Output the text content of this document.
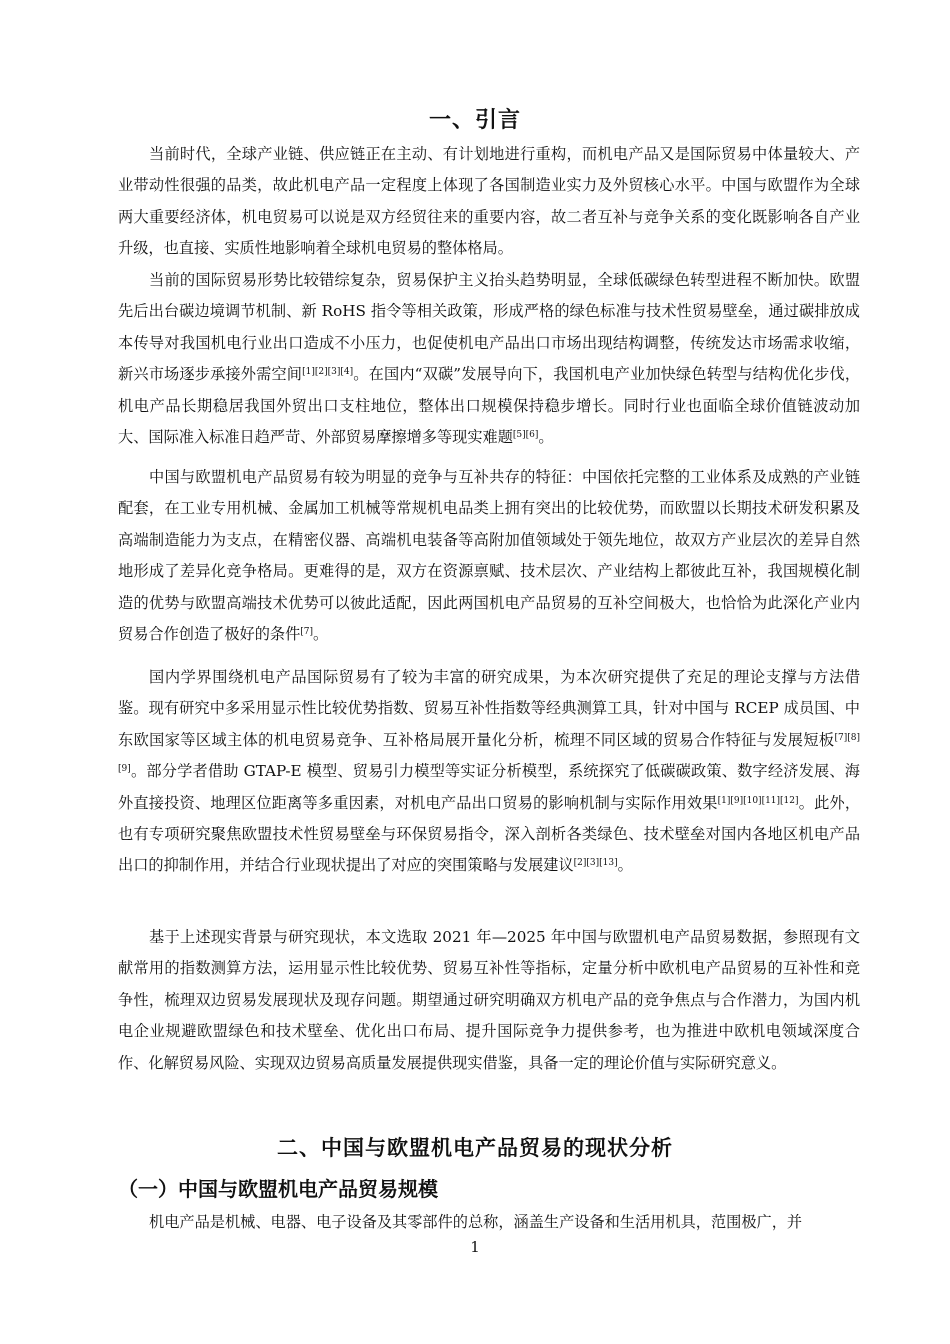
一、引言

当前时代，全球产业链、供应链正在主动、有计划地进行重构，而机电产品又是国际贸易中体量较大、产业带动性很强的品类，故此机电产品一定程度上体现了各国制造业实力及外贸核心水平。中国与欧盟作为全球两大重要经济体，机电贸易可以说是双方经贸往来的重要内容，故二者互补与竞争关系的变化既影响各自产业升级，也直接、实质性地影响着全球机电贸易的整体格局。

当前的国际贸易形势比较错综复杂，贸易保护主义抬头趋势明显，全球低碳绿色转型进程不断加快。欧盟先后出台碳边境调节机制、新 RoHS 指令等相关政策，形成严格的绿色标准与技术性贸易壁垒，通过碳排放成本传导对我国机电行业出口造成不小压力，也促使机电产品出口市场出现结构调整，传统发达市场需求收缩，新兴市场逐步承接外需空间[1][2][3][4]。在国内“双碳”发展导向下，我国机电产业加快绿色转型与结构优化步伐，机电产品长期稳居我国外贸出口支柱地位，整体出口规模保持稳步增长。同时行业也面临全球价值链波动加大、国际准入标准日趋严苛、外部贸易摩擦增多等现实难题[5][6]。

中国与欧盟机电产品贸易有较为明显的竞争与互补共存的特征：中国依托完整的工业体系及成熟的产业链配套，在工业专用机械、金属加工机械等常规机电品类上拥有突出的比较优势，而欧盟以长期技术研发积累及高端制造能力为支点，在精密仪器、高端机电装备等高附加值领域处于领先地位，故双方产业层次的差异自然地形成了差异化竞争格局。更难得的是，双方在资源禀赋、技术层次、产业结构上都彼此互补，我国规模化制造的优势与欧盟高端技术优势可以彼此适配，因此两国机电产品贸易的互补空间极大，也恰恰为此深化产业内贸易合作创造了极好的条件[7]。

国内学界围绕机电产品国际贸易有了较为丰富的研究成果，为本次研究提供了充足的理论支撑与方法借鉴。现有研究中多采用显示性比较优势指数、贸易互补性指数等经典测算工具，针对中国与 RCEP 成员国、中东欧国家等区域主体的机电贸易竞争、互补格局展开量化分析，梳理不同区域的贸易合作特征与发展短板[7][8][9]。部分学者借助 GTAP-E 模型、贸易引力模型等实证分析模型，系统探究了低碳碳政策、数字经济发展、海外直接投资、地理区位距离等多重因素，对机电产品出口贸易的影响机制与实际作用效果[1][9][10][11][12]。此外，也有专项研究聚焦欧盟技术性贸易壁垒与环保贸易指令，深入剖析各类绿色、技术壁垒对国内各地区机电产品出口的抑制作用，并结合行业现状提出了对应的突围策略与发展建议[2][3][13]。

基于上述现实背景与研究现状，本文选取 2021 年—2025 年中国与欧盟机电产品贸易数据，参照现有文献常用的指数测算方法，运用显示性比较优势、贸易互补性等指标，定量分析中欧机电产品贸易的互补性和竞争性，梳理双边贸易发展现状及现存问题。期望通过研究明确双方机电产品的竞争焦点与合作潜力，为国内机电企业规避欧盟绿色和技术壁垒、优化出口布局、提升国际竞争力提供参考，也为推进中欧机电领域深度合作、化解贸易风险、实现双边贸易高质量发展提供现实借鉴，具备一定的理论价值与实际研究意义。

二、中国与欧盟机电产品贸易的现状分析
（一）中国与欧盟机电产品贸易规模

机电产品是机械、电器、电子设备及其零部件的总称，涵盖生产设备和生活用机具，范围极广，并

1
